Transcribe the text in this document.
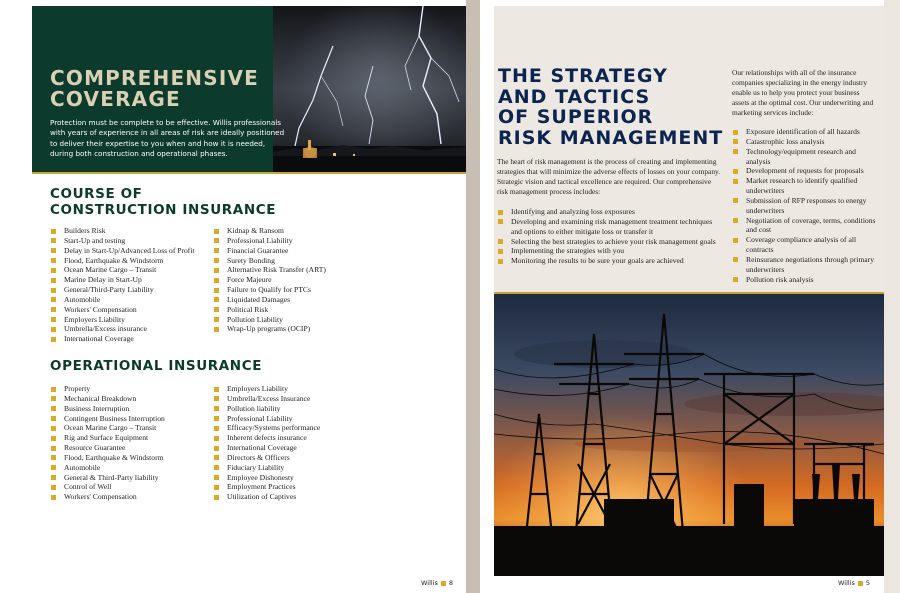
COMPREHENSIVE
COVERAGE

Protection must be complete to be effective. Willis professionals with years of experience in all areas of risk are ideally positioned to deliver their expertise to you when and how it is needed, during both construction and operational phases.

COURSE OF
CONSTRUCTION INSURANCE
Builders Risk
Start-Up and testing
Delay in Start-Up/Advanced Loss of Profit
Flood, Earthquake & Windstorm
Ocean Marine Cargo – Transit
Marine Delay in Start-Up
General/Third-Party Liability
Automobile
Workers' Compensation
Employers Liability
Umbrella/Excess insurance
International Coverage
Kidnap & Ransom
Professional Liability
Financial Guarantee
Surety Bonding
Alternative Risk Transfer (ART)
Force Majeure
Failure to Qualify for PTCs
Liquidated Damages
Political Risk
Pollution Liability
Wrap-Up programs (OCIP)
OPERATIONAL INSURANCE
Property
Mechanical Breakdown
Business Interruption
Contingent Business Interruption
Ocean Marine Cargo – Transit
Rig and Surface Equipment
Resource Guarantee
Flood, Earthquake & Windstorm
Automobile
General & Third-Party liability
Control of Well
Workers' Compensation
Employers Liability
Umbrella/Excess Insurance
Pollution liability
Professional Liability
Efficacy/Systems performance
Inherent defects insurance
International Coverage
Directors & Officers
Fiduciary Liability
Employee Dishonesty
Employment Practices
Utilization of Captives
Willis 8
THE STRATEGY
AND TACTICS
OF SUPERIOR
RISK MANAGEMENT

The heart of risk management is the process of creating and implementing strategies that will minimize the adverse effects of losses on your company. Strategic vision and tactical excellence are required. Our comprehensive risk management process includes:

Identifying and analyzing loss exposures
Developing and examining risk management treatment techniques and options to either mitigate loss or transfer it
Selecting the best strategies to achieve your risk management goals
Implementing the strategies with you
Monitoring the results to be sure your goals are achieved

Our relationships with all of the insurance companies specializing in the energy industry enable us to help you protect your business assets at the optimal cost. Our underwriting and marketing services include:

Exposure identification of all hazards
Catastrophic loss analysis
Technology/equipment research and analysis
Development of requests for proposals
Market research to identify qualified underwriters
Submission of RFP responses to energy underwriters
Negotiation of coverage, terms, conditions and cost
Coverage compliance analysis of all contracts
Reinsurance negotiations through primary underwriters
Pollution risk analysis
Willis 5
